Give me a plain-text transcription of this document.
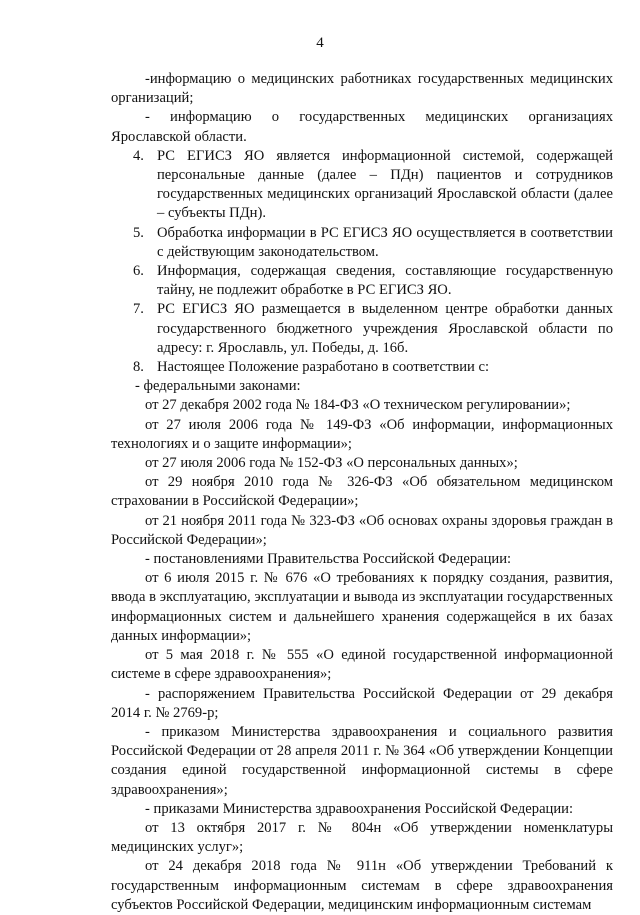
4

-информацию о медицинских работниках государственных медицинских организаций;

- информацию о государственных медицинских организациях Ярославской области.

4. РС ЕГИСЗ ЯО является информационной системой, содержащей персональные данные (далее – ПДн) пациентов и сотрудников государственных медицинских организаций Ярославской области (далее – субъекты ПДн).
5. Обработка информации в РС ЕГИСЗ ЯО осуществляется в соответствии с действующим законодательством.
6. Информация, содержащая сведения, составляющие государственную тайну, не подлежит обработке в РС ЕГИСЗ ЯО.
7. РС ЕГИСЗ ЯО размещается в выделенном центре обработки данных государственного бюджетного учреждения Ярославской области по адресу: г. Ярославль, ул. Победы, д. 16б.
8. Настоящее Положение разработано в соответствии с:

- федеральными законами:

от 27 декабря 2002 года № 184-ФЗ «О техническом регулировании»;

от 27 июля 2006 года № 149-ФЗ «Об информации, информационных технологиях и о защите информации»;

от 27 июля 2006 года № 152-ФЗ «О персональных данных»;

от 29 ноября 2010 года № 326-ФЗ «Об обязательном медицинском страховании в Российской Федерации»;

от 21 ноября 2011 года № 323-ФЗ «Об основах охраны здоровья граждан в Российской Федерации»;

- постановлениями Правительства Российской Федерации:

от 6 июля 2015 г. № 676 «О требованиях к порядку создания, развития, ввода в эксплуатацию, эксплуатации и вывода из эксплуатации государственных информационных систем и дальнейшего хранения содержащейся в их базах данных информации»;

от 5 мая 2018 г. № 555 «О единой государственной информационной системе в сфере здравоохранения»;

- распоряжением Правительства Российской Федерации от 29 декабря 2014 г. № 2769-р;

- приказом Министерства здравоохранения и социального развития Российской Федерации от 28 апреля 2011 г. № 364 «Об утверждении Концепции создания единой государственной информационной системы в сфере здравоохранения»;

- приказами Министерства здравоохранения Российской Федерации:

от 13 октября 2017 г. № 804н «Об утверждении номенклатуры медицинских услуг»;

от 24 декабря 2018 года № 911н «Об утверждении Требований к государственным информационным системам в сфере здравоохранения субъектов Российской Федерации, медицинским информационным системам
